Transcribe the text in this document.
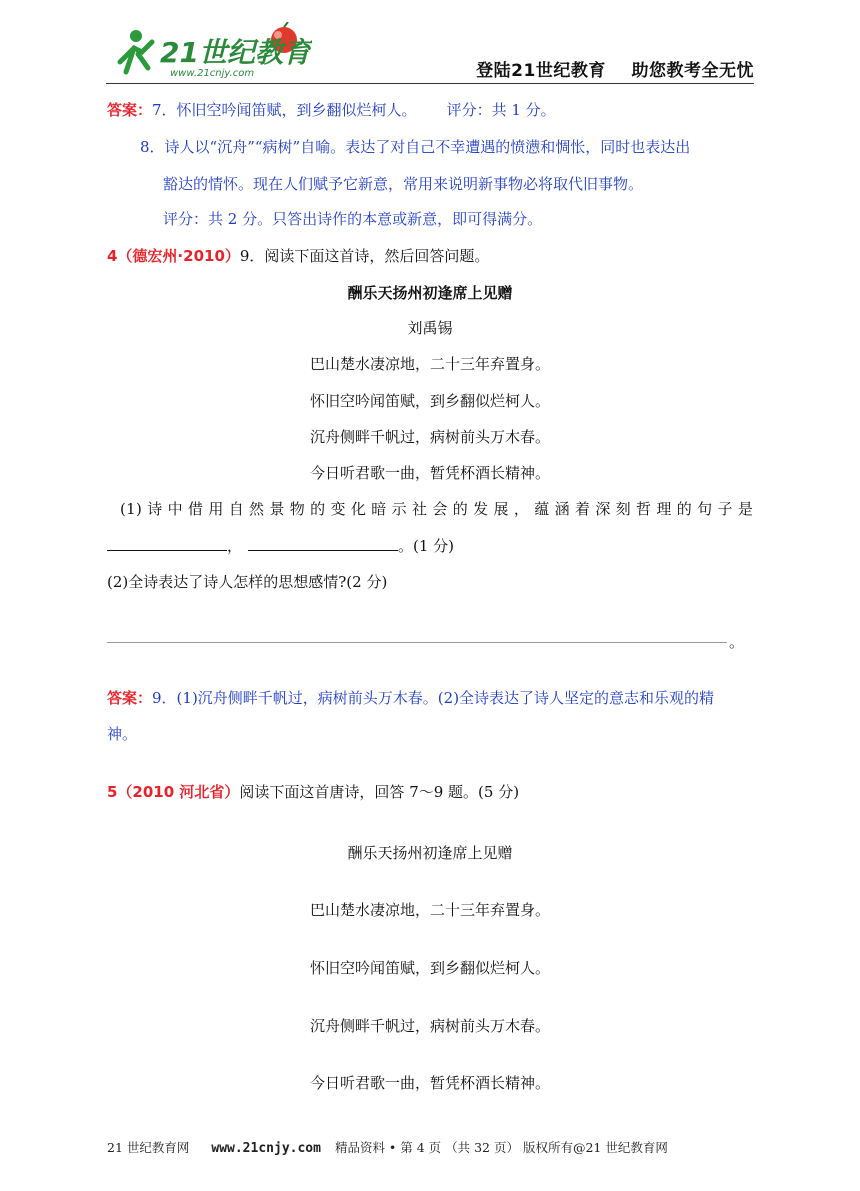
21世纪教育
www.21cnjy.com	登陆21世纪教育    助您教考全无忧
答案：7．怀旧空吟闻笛赋，到乡翻似烂柯人。 评分：共 1 分。
8．诗人以“沉舟”“病树”自喻。表达了对自己不幸遭遇的愤懑和惆怅，同时也表达出
豁达的情怀。现在人们赋予它新意，常用来说明新事物必将取代旧事物。
评分：共 2 分。只答出诗作的本意或新意，即可得满分。
4（德宏州·2010）9．阅读下面这首诗，然后回答问题。
酬乐天扬州初逢席上见赠
刘禹锡
巴山楚水凄凉地，二十三年弃置身。
怀旧空吟闻笛赋，到乡翻似烂柯人。
沉舟侧畔千帆过，病树前头万木春。
今日听君歌一曲，暂凭杯酒长精神。
(1) 诗 中 借 用 自 然 景 物 的 变 化 暗 示 社 会 的 发 展 ， 蕴 涵 着 深 刻 哲 理 的 句 子 是
，	。(1 分)
(2)全诗表达了诗人怎样的思想感情?(2 分)
。
答案：9．(1)沉舟侧畔千帆过，病树前头万木春。(2)全诗表达了诗人坚定的意志和乐观的精
神。
5（2010 河北省）阅读下面这首唐诗，回答 7～9 题。(5 分)
酬乐天扬州初逢席上见赠
巴山楚水凄凉地，二十三年弃置身。
怀旧空吟闻笛赋，到乡翻似烂柯人。
沉舟侧畔千帆过，病树前头万木春。
今日听君歌一曲，暂凭杯酒长精神。
21 世纪教育网 www.21cnjy.com 精品资料 • 第 4 页 （共 32 页） 版权所有@21 世纪教育网
